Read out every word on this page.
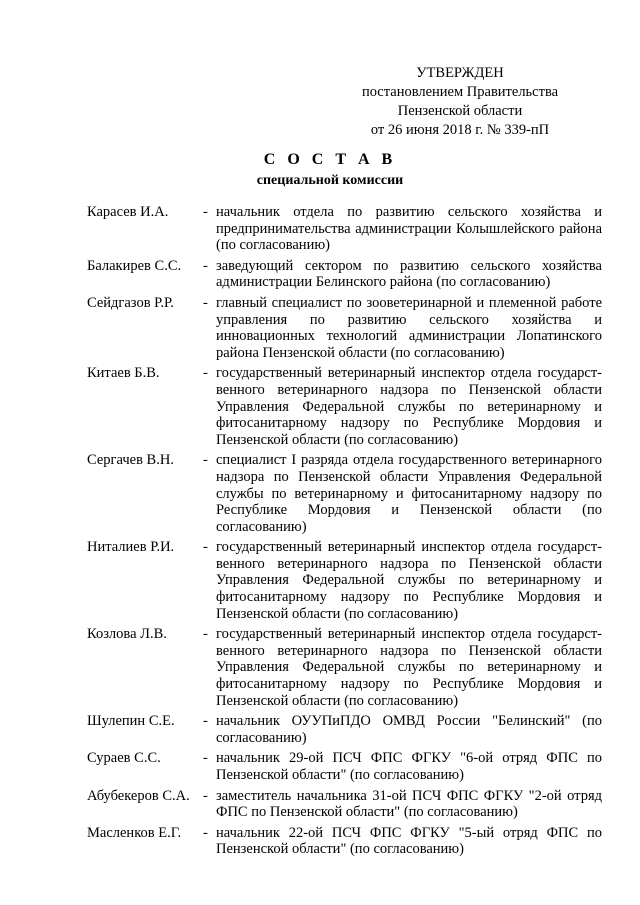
УТВЕРЖДЕН
постановлением Правительства
Пензенской области
от 26 июня 2018 г. № 339-пП
С О С Т А В
специальной комиссии
Карасев И.А.	- начальник отдела по развитию сельского хозяйства и предпринимательства администрации Колышлейского района (по согласованию)
Балакирев С.С.	- заведующий сектором по развитию сельского хозяйства администрации Белинского района (по согласованию)
Сейдгазов Р.Р.	- главный специалист по зооветеринарной и племенной работе управления по развитию сельского хозяйства и инновационных технологий администрации Лопатинского района Пензенской области (по согласованию)
Китаев Б.В.	- государственный ветеринарный инспектор отдела государст-венного ветеринарного надзора по Пензенской области Управления Федеральной службы по ветеринарному и фитосанитарному надзору по Республике Мордовия и Пензенской области (по согласованию)
Сергачев В.Н.	- специалист I разряда отдела государственного ветеринарного надзора по Пензенской области Управления Федеральной службы по ветеринарному и фитосанитарному надзору по Республике Мордовия и Пензенской области (по согласованию)
Ниталиев Р.И.	- государственный ветеринарный инспектор отдела государст-венного ветеринарного надзора по Пензенской области Управления Федеральной службы по ветеринарному и фитосанитарному надзору по Республике Мордовия и Пензенской области (по согласованию)
Козлова Л.В.	- государственный ветеринарный инспектор отдела государст-венного ветеринарного надзора по Пензенской области Управления Федеральной службы по ветеринарному и фитосанитарному надзору по Республике Мордовия и Пензенской области (по согласованию)
Шулепин С.Е.	- начальник ОУУПиПДО ОМВД России "Белинский" (по согласованию)
Сураев С.С.	- начальник 29-ой ПСЧ ФПС ФГКУ "6-ой отряд ФПС по Пензенской области" (по согласованию)
Абубекеров С.А. - заместитель начальника 31-ой ПСЧ ФПС ФГКУ "2-ой отряд ФПС по Пензенской области" (по согласованию)
Масленков Е.Г.	- начальник 22-ой ПСЧ ФПС ФГКУ "5-ый отряд ФПС по Пензенской области" (по согласованию)
